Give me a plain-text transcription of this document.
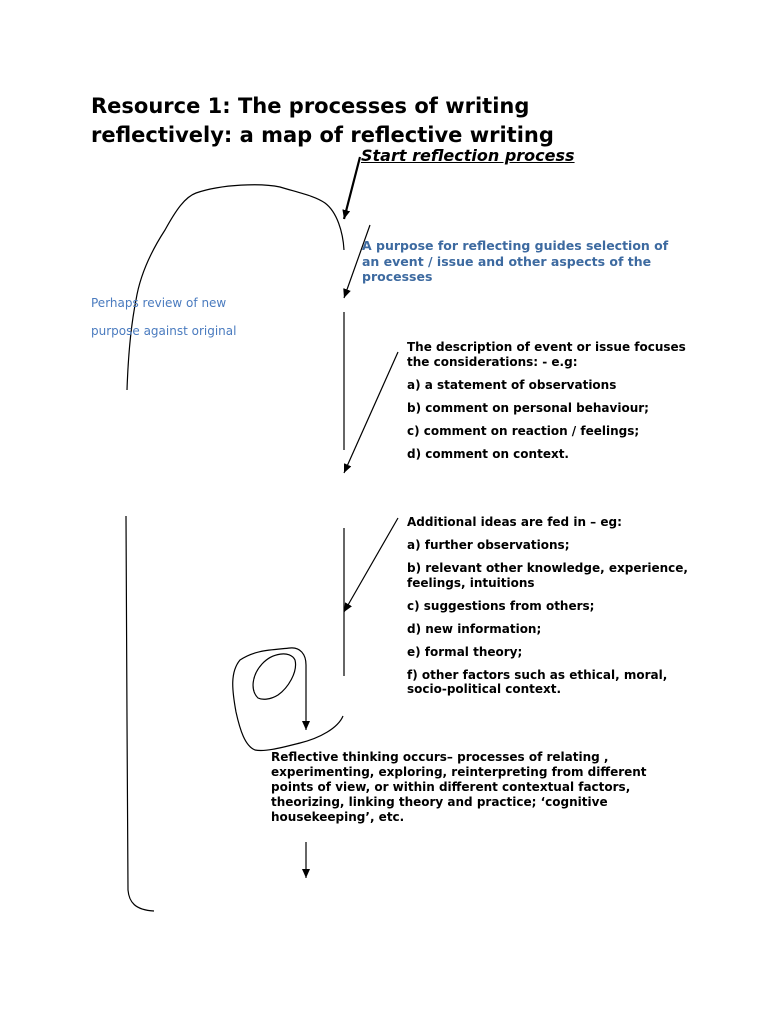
Resource 1: The processes of writing reflectively: a map of reflective writing

Start reflection process

A purpose for reflecting guides selection of an event / issue and other aspects of the processes
Perhaps review of new
purpose against original

The description of event or issue focuses the considerations: - e.g:

a) a statement of observations

b) comment on personal behaviour;

c) comment on reaction / feelings;

d) comment on context.

Additional ideas are fed in – eg:

a) further observations;

b) relevant other knowledge, experience, feelings, intuitions

c) suggestions from others;

d) new information;

e) formal theory;

f) other factors such as ethical, moral, socio-political context.

Reflective thinking occurs– processes of relating , experimenting, exploring, reinterpreting from different points of view, or within different contextual factors, theorizing, linking theory and practice; ‘cognitive housekeeping’, etc.
